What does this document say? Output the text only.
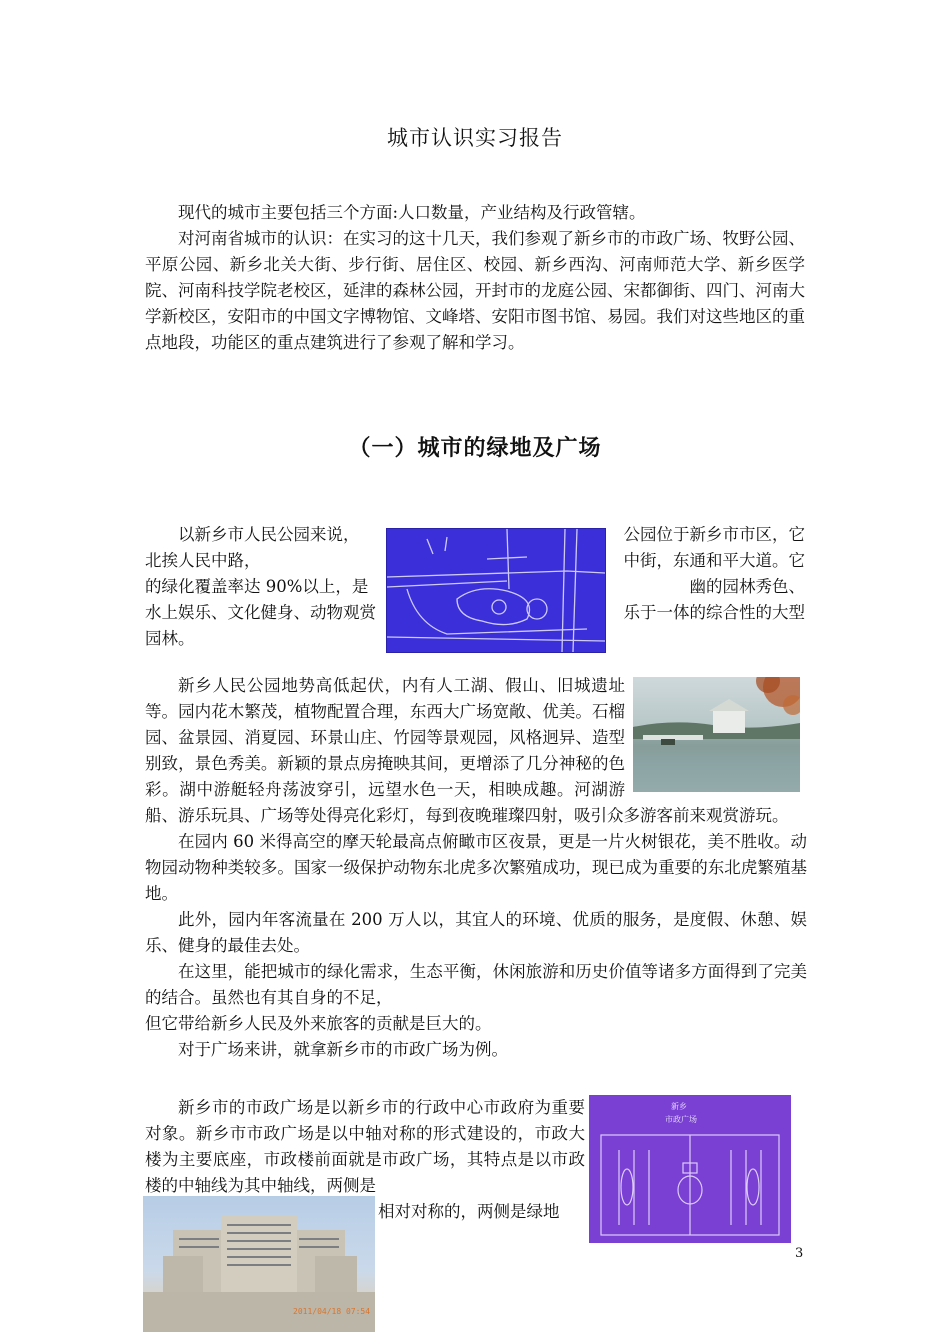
城市认识实习报告

现代的城市主要包括三个方面:人口数量，产业结构及行政管辖。

对河南省城市的认识：在实习的这十几天，我们参观了新乡市的市政广场、牧野公园、平原公园、新乡北关大街、步行街、居住区、校园、新乡西沟、河南师范大学、新乡医学院、河南科技学院老校区，延津的森林公园，开封市的龙庭公园、宋都御街、四门、河南大学新校区，安阳市的中国文字博物馆、文峰塔、安阳市图书馆、易园。我们对这些地区的重点地段，功能区的重点建筑进行了参观了解和学习。

（一）城市的绿地及广场
以新乡市人民公园来说，	公园位于新乡市市区，它
北挨人民中路，	中街，东通和平大道。它
的绿化覆盖率达 90%以上，是	幽的园林秀色、
水上娱乐、文化健身、动物观赏	乐于一体的综合性的大型
园林。

新乡人民公园地势高低起伏，内有人工湖、假山、旧城遗址等。园内花木繁茂，植物配置合理，东西大广场宽敞、优美。石榴园、盆景园、消夏园、环景山庄、竹园等景观园，风格迥异、造型别致，景色秀美。新颖的景点房掩映其间，更增添了几分神秘的色彩。湖中游艇轻舟荡波穿引，远望水色一天，相映成趣。河湖游船、游乐玩具、广场等处得亮化彩灯，每到夜晚璀璨四射，吸引众多游客前来观赏游玩。

在园内 60 米得高空的摩天轮最高点俯瞰市区夜景，更是一片火树银花，美不胜收。动物园动物种类较多。国家一级保护动物东北虎多次繁殖成功，现已成为重要的东北虎繁殖基地。

此外，园内年客流量在 200 万人以，其宜人的环境、优质的服务，是度假、休憩、娱乐、健身的最佳去处。

在这里，能把城市的绿化需求，生态平衡，休闲旅游和历史价值等诸多方面得到了完美的结合。虽然也有其自身的不足，

但它带给新乡人民及外来旅客的贡献是巨大的。

对于广场来讲，就拿新乡市的市政广场为例。

新乡市的市政广场是以新乡市的行政中心市政府为重要对象。新乡市市政广场是以中轴对称的形式建设的，市政大楼为主要底座，市政楼前面就是市政广场，其特点是以市政楼的中轴线为其中轴线，两侧是

相对对称的，两侧是绿地
新乡
市政广场
2011/04/18 07:54
3
